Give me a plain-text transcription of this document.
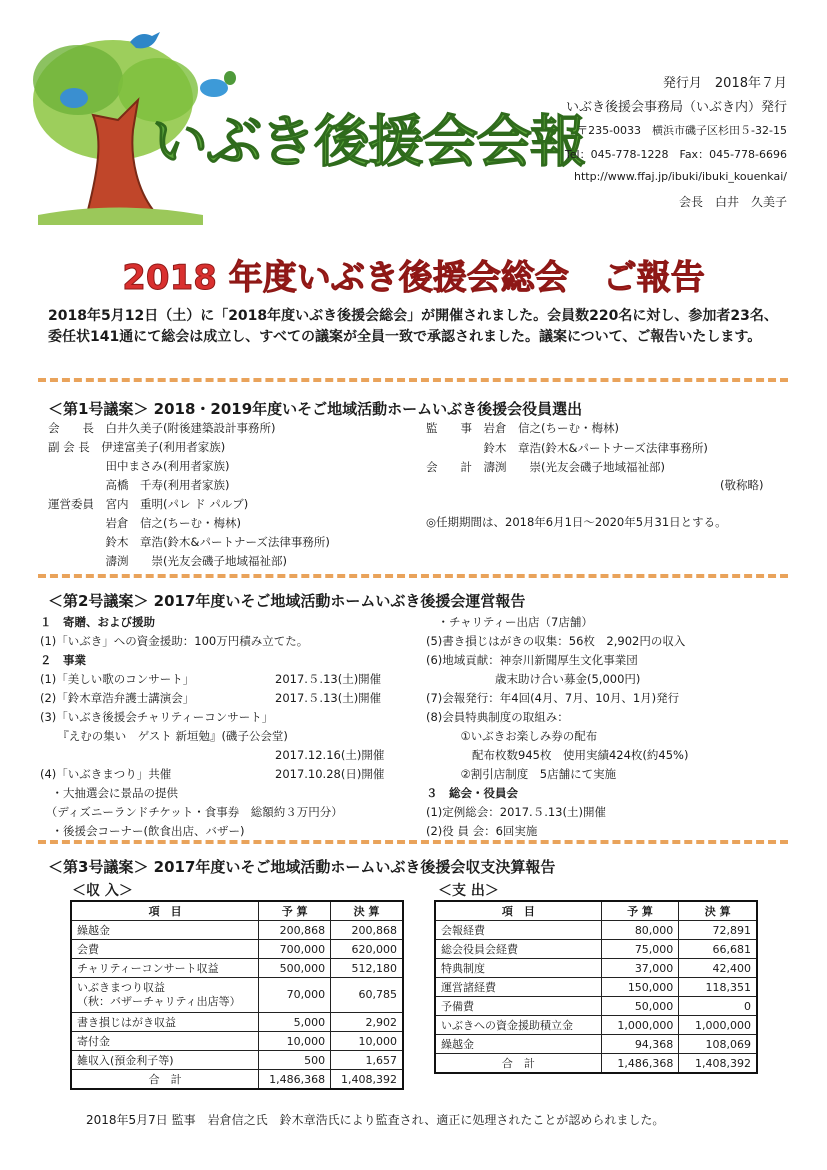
いぶき後援会会報
発行月　2018年７月
いぶき後援会事務局（いぶき内）発行
〒235-0033　横浜市磯子区杉田５-32-15
Tel：045-778-1228　Fax：045-778-6696
http://www.ffaj.jp/ibuki/ibuki_kouenkai/
会長　白井　久美子
2018 年度いぶき後援会総会　ご報告
2018年5月12日（土）に「2018年度いぶき後援会総会」が開催されました。会員数220名に対し、参加者23名、委任状141通にて総会は成立し、すべての議案が全員一致で承認されました。議案について、ご報告いたします。
＜第1号議案＞ 2018・2019年度いそご地域活動ホームいぶき後援会役員選出
会　　長　白井久美子(附後建築設計事務所)
副 会 長　伊達富美子(利用者家族)
　　　　　田中まさみ(利用者家族)
　　　　　高橋　千寿(利用者家族)
運営委員　宮内　重明(パレ ド パルブ)
　　　　　岩倉　信之(ちーむ・梅林)
　　　　　鈴木　章浩(鈴木&パートナーズ法律事務所)
　　　　　濤渕　　崇(光友会磯子地域福祉部)
監　　事　岩倉　信之(ちーむ・梅林)
　　　　　鈴木　章浩(鈴木&パートナーズ法律事務所)
会　　計　濤渕　　崇(光友会磯子地域福祉部)
(敬称略)
◎任期期間は、2018年6月1日～2020年5月31日とする。
＜第2号議案＞ 2017年度いそご地域活動ホームいぶき後援会運営報告
１　寄贈、および援助
(1)「いぶき」への資金援助：100万円積み立てた。
２　事業
(1)「美しい歌のコンサート」	2017.５.13(土)開催
(2)「鈴木章浩弁護士講演会」	2017.５.13(土)開催
(3)「いぶき後援会チャリティーコンサート」
　　『えむの集い　ゲスト 新垣勉』(磯子公会堂)
2017.12.16(土)開催
(4)「いぶきまつり」共催	2017.10.28(日)開催
　・大抽選会に景品の提供
　（ディズニーランドチケット・食事券　総額約３万円分）
　・後援会コーナー(飲食出店、バザー)
　・チャリティー出店（7店舗）
(5)書き損じはがきの収集：56枚　2,902円の収入
(6)地域貢献：神奈川新聞厚生文化事業団
　　　　　　歳末助け合い募金(5,000円)
(7)会報発行：年4回(4月、7月、10月、1月)発行
(8)会員特典制度の取組み：
　　　①いぶきお楽しみ券の配布
　　　　配布枚数945枚　使用実績424枚(約45%)
　　　②割引店制度　5店舗にて実施
３　総会・役員会
(1)定例総会：2017.５.13(土)開催
(2)役 員 会：6回実施
＜第3号議案＞ 2017年度いそご地域活動ホームいぶき後援会収支決算報告
＜収 入＞	＜支 出＞
項　目	予 算	決 算
繰越金	200,868	200,868
会費	700,000	620,000
チャリティーコンサート収益	500,000	512,180
いぶきまつり収益
（秋：バザーチャリティ出店等）	70,000	60,785
書き損じはがき収益	5,000	2,902
寄付金	10,000	10,000
雑収入(預金利子等)	500	1,657
合　計	1,486,368	1,408,392
項　目	予 算	決 算
会報経費	80,000	72,891
総会役員会経費	75,000	66,681
特典制度	37,000	42,400
運営諸経費	150,000	118,351
予備費	50,000	0
いぶきへの資金援助積立金	1,000,000	1,000,000
繰越金	94,368	108,069
合　計	1,486,368	1,408,392
2018年5月7日 監事　岩倉信之氏　鈴木章浩氏により監査され、適正に処理されたことが認められました。
